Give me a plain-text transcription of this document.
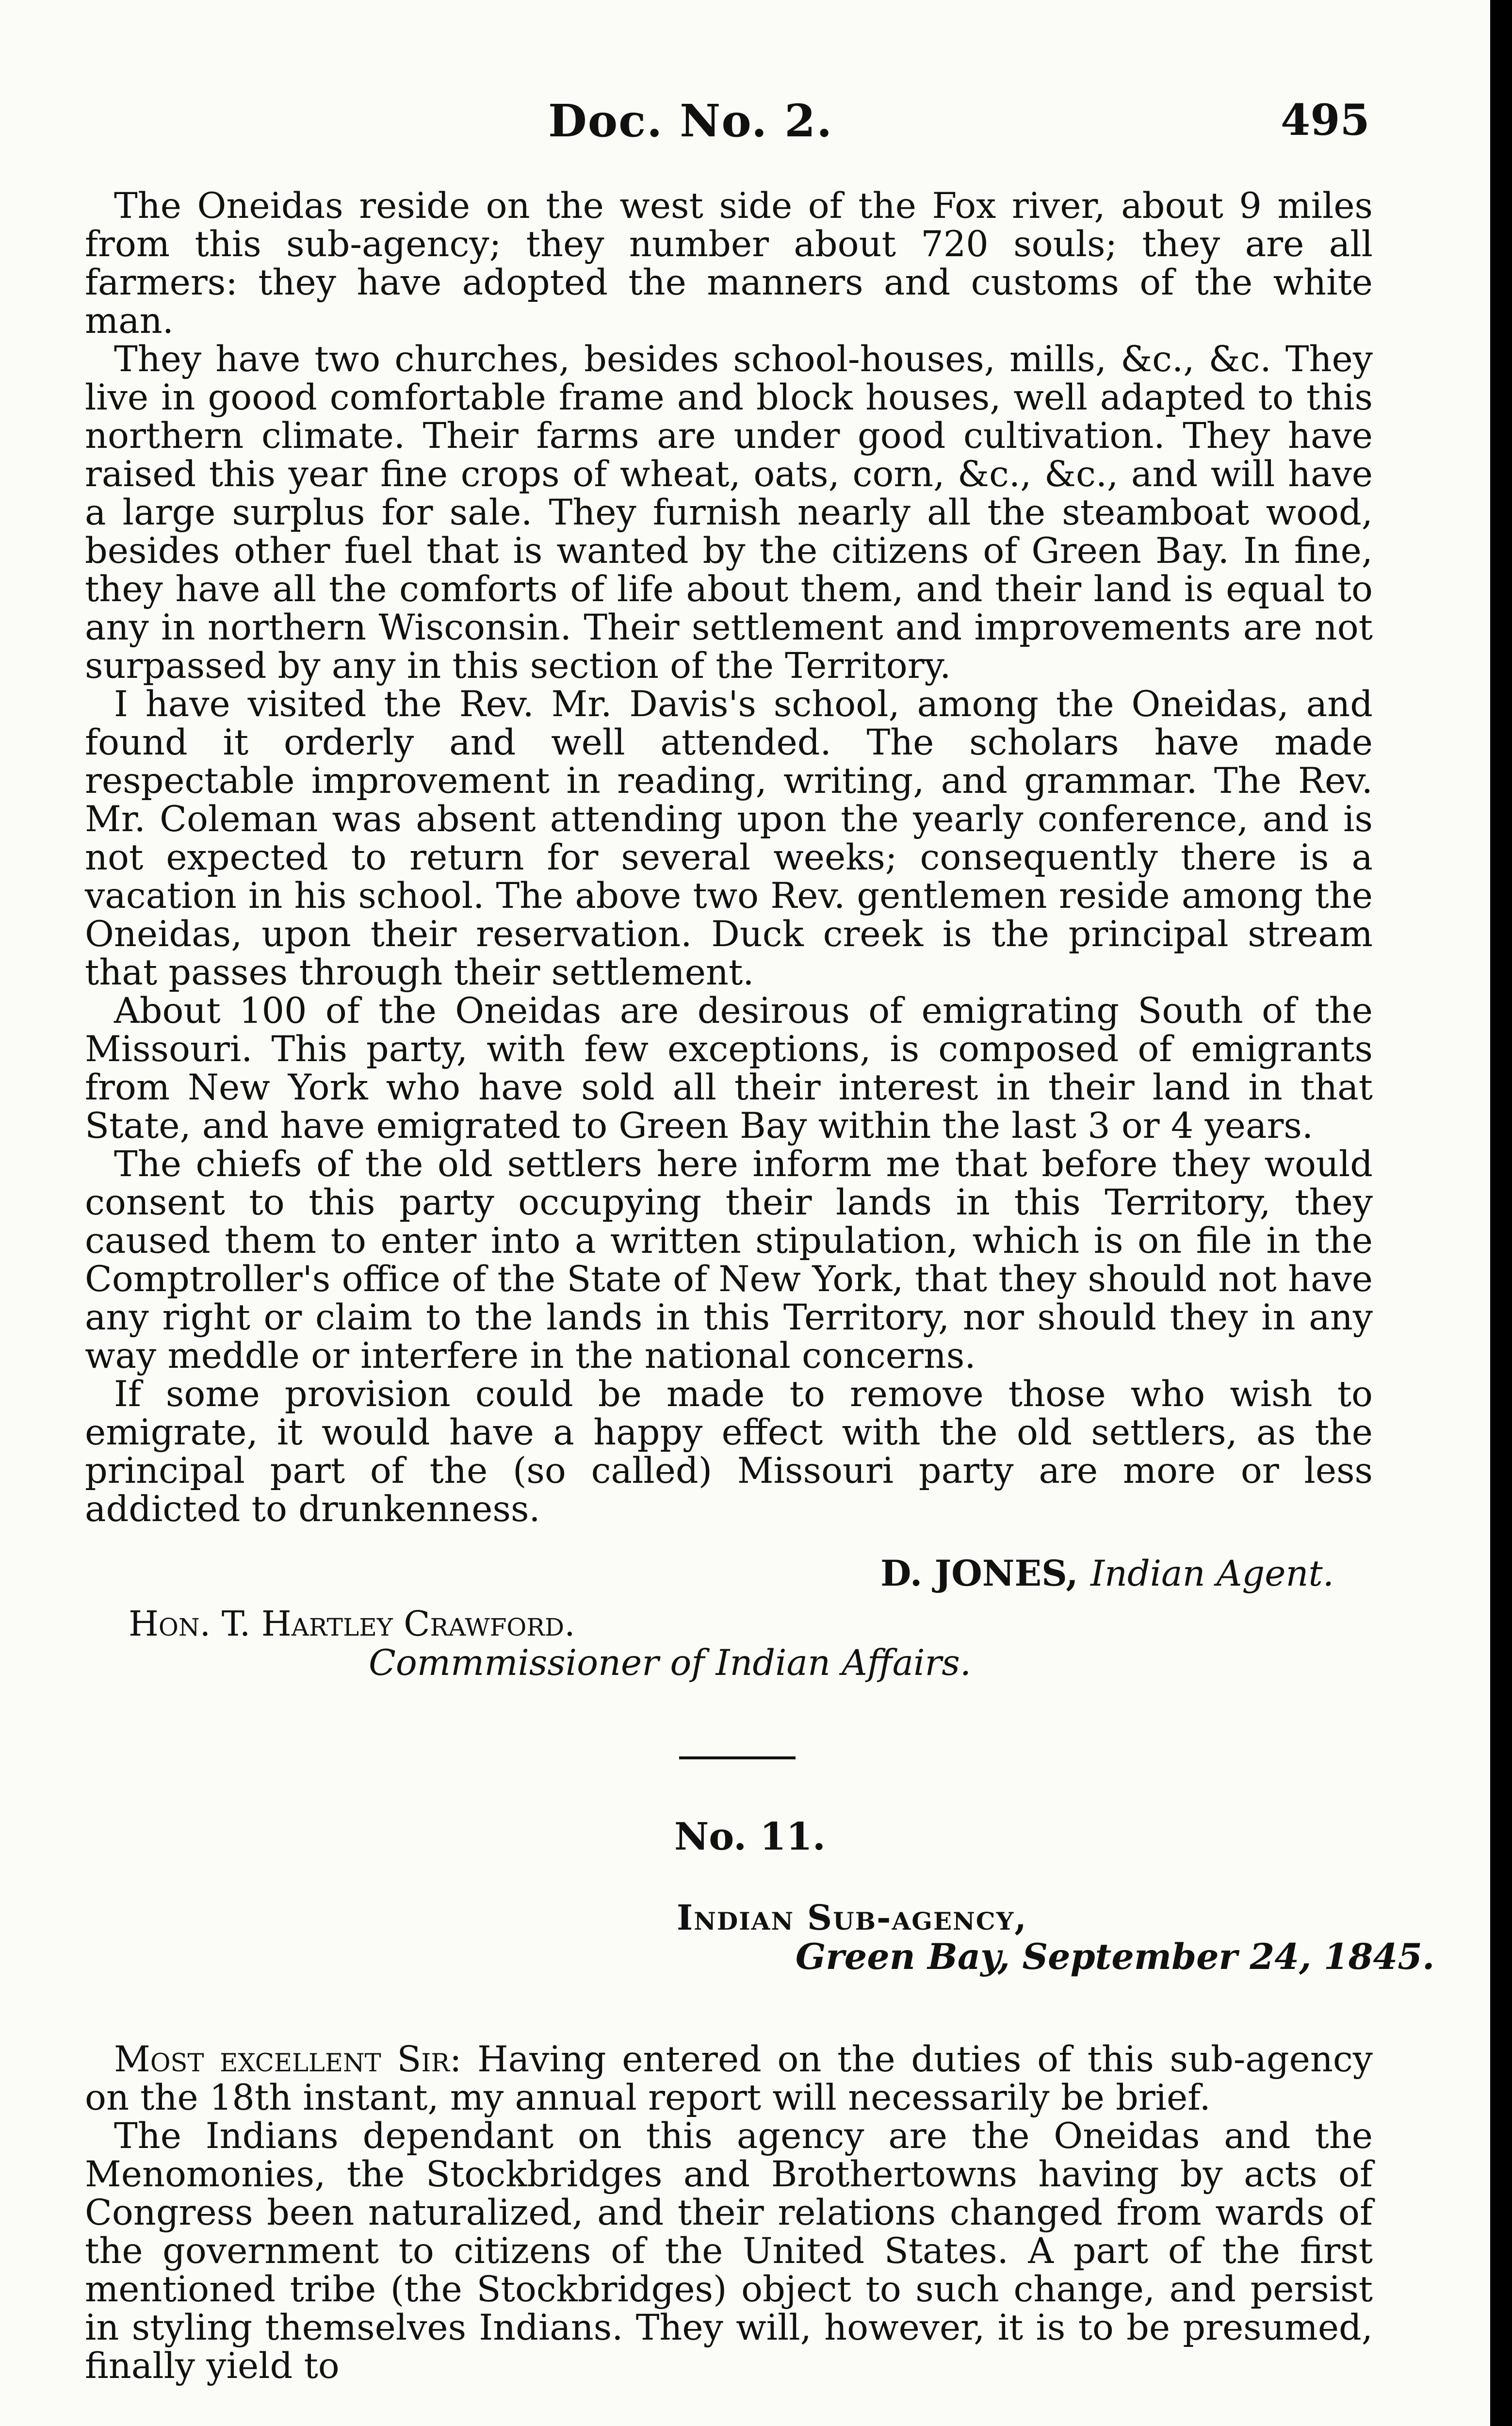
Doc. No. 2.	495

The Oneidas reside on the west side of the Fox river, about 9 miles from this sub-agency; they number about 720 souls; they are all farmers: they have adopted the manners and customs of the white man.

They have two churches, besides school-houses, mills, &c., &c. They live in goood comfortable frame and block houses, well adapted to this northern climate. Their farms are under good cultivation. They have raised this year fine crops of wheat, oats, corn, &c., &c., and will have a large surplus for sale. They furnish nearly all the steamboat wood, besides other fuel that is wanted by the citizens of Green Bay. In fine, they have all the comforts of life about them, and their land is equal to any in northern Wisconsin. Their settlement and improvements are not surpassed by any in this section of the Territory.

I have visited the Rev. Mr. Davis's school, among the Oneidas, and found it orderly and well attended. The scholars have made respectable improvement in reading, writing, and grammar. The Rev. Mr. Coleman was absent attending upon the yearly conference, and is not expected to return for several weeks; consequently there is a vacation in his school. The above two Rev. gentlemen reside among the Oneidas, upon their reservation. Duck creek is the principal stream that passes through their settlement.

About 100 of the Oneidas are desirous of emigrating South of the Missouri. This party, with few exceptions, is composed of emigrants from New York who have sold all their interest in their land in that State, and have emigrated to Green Bay within the last 3 or 4 years.

The chiefs of the old settlers here inform me that before they would consent to this party occupying their lands in this Territory, they caused them to enter into a written stipulation, which is on file in the Comptroller's office of the State of New York, that they should not have any right or claim to the lands in this Territory, nor should they in any way meddle or interfere in the national concerns.

If some provision could be made to remove those who wish to emigrate, it would have a happy effect with the old settlers, as the principal part of the (so called) Missouri party are more or less addicted to drunkenness.

D. JONES, Indian Agent.
Hon. T. Hartley Crawford.
Commmissioner of Indian Affairs.
No. 11.
Indian Sub-agency,
Green Bay, September 24, 1845.

Most excellent Sir: Having entered on the duties of this sub-agency on the 18th instant, my annual report will necessarily be brief.

The Indians dependant on this agency are the Oneidas and the Menomonies, the Stockbridges and Brothertowns having by acts of Congress been naturalized, and their relations changed from wards of the government to citizens of the United States. A part of the first mentioned tribe (the Stockbridges) object to such change, and persist in styling themselves Indians. They will, however, it is to be presumed, finally yield to
